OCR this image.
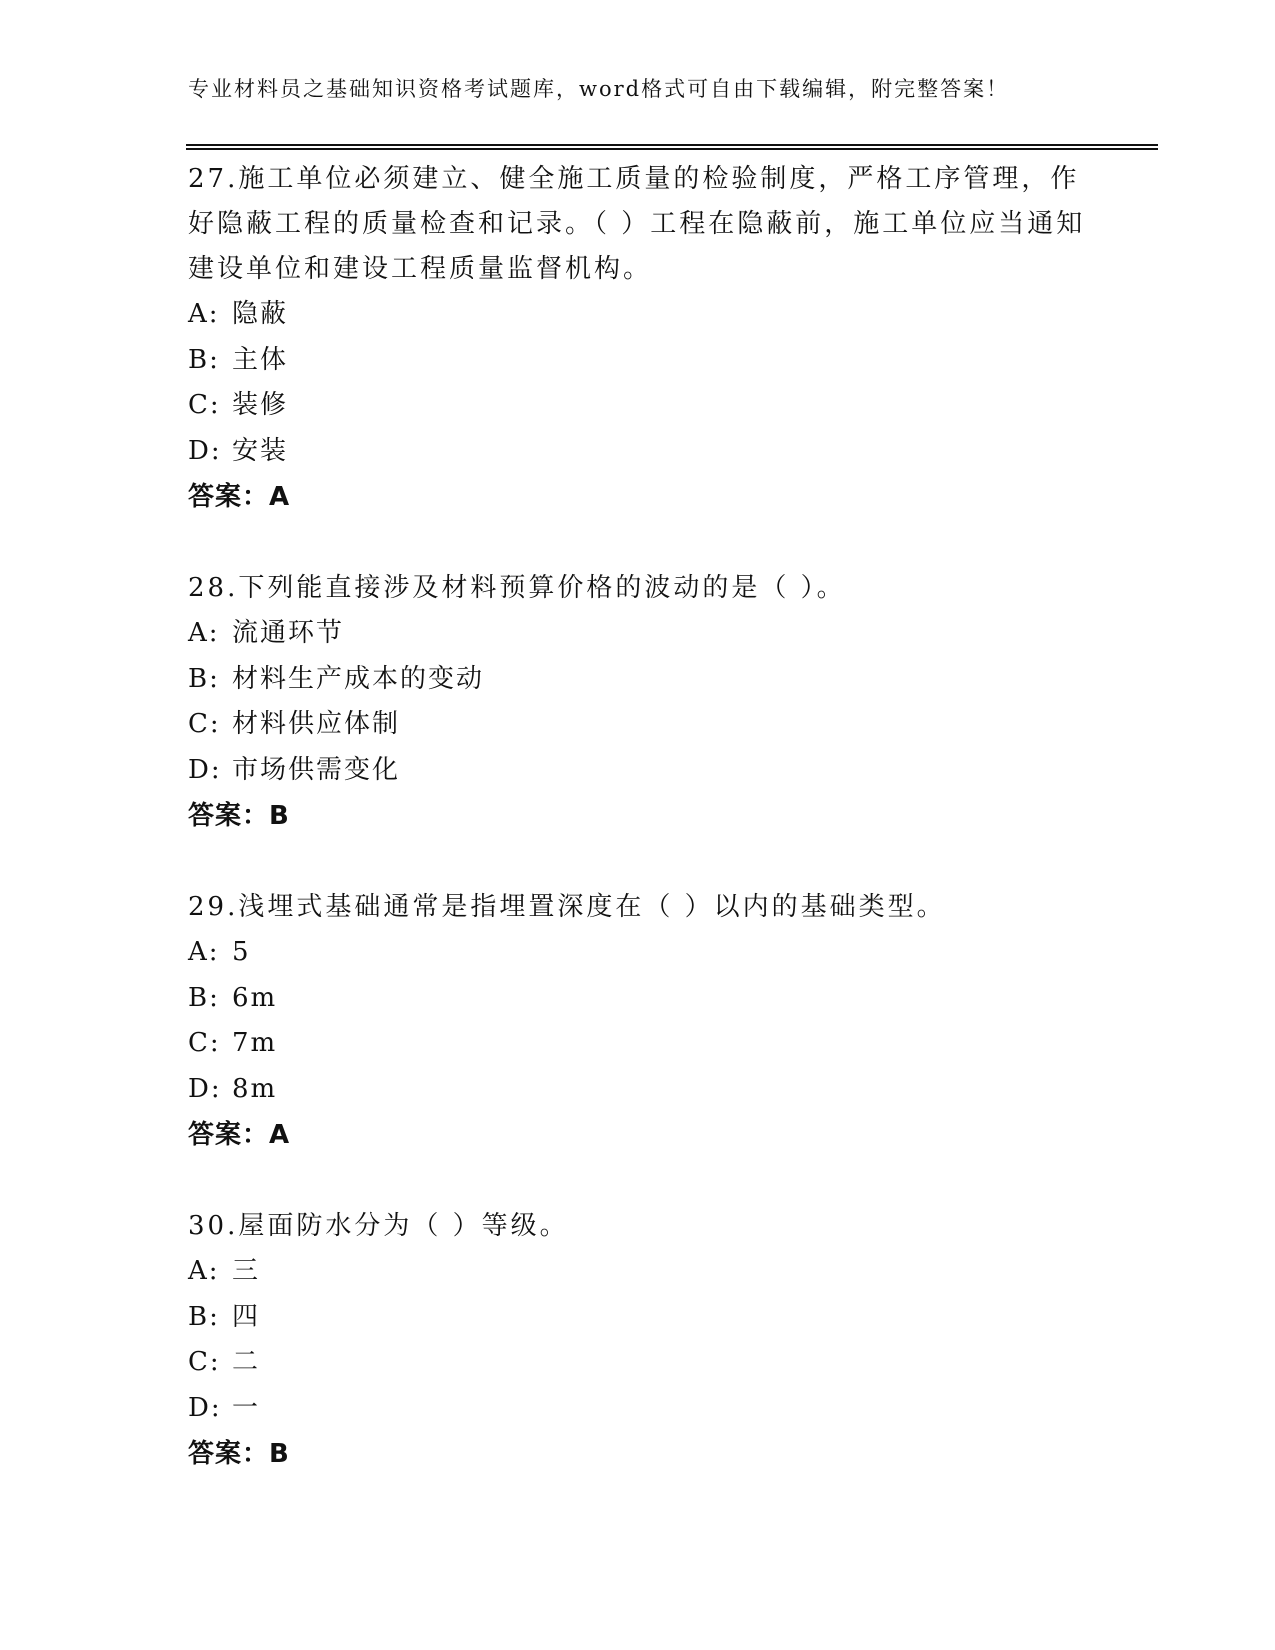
专业材料员之基础知识资格考试题库，word格式可自由下载编辑，附完整答案！

27.施工单位必须建立、健全施工质量的检验制度，严格工序管理，作好隐蔽工程的质量检查和记录。（ ）工程在隐蔽前，施工单位应当通知建设单位和建设工程质量监督机构。

A: 隐蔽

B: 主体

C: 装修

D: 安装

答案：A

28.下列能直接涉及材料预算价格的波动的是（ ）。

A: 流通环节

B: 材料生产成本的变动

C: 材料供应体制

D: 市场供需变化

答案：B

29.浅埋式基础通常是指埋置深度在（ ）以内的基础类型。

A: 5

B: 6m

C: 7m

D: 8m

答案：A

30.屋面防水分为（ ）等级。

A: 三

B: 四

C: 二

D: 一

答案：B
